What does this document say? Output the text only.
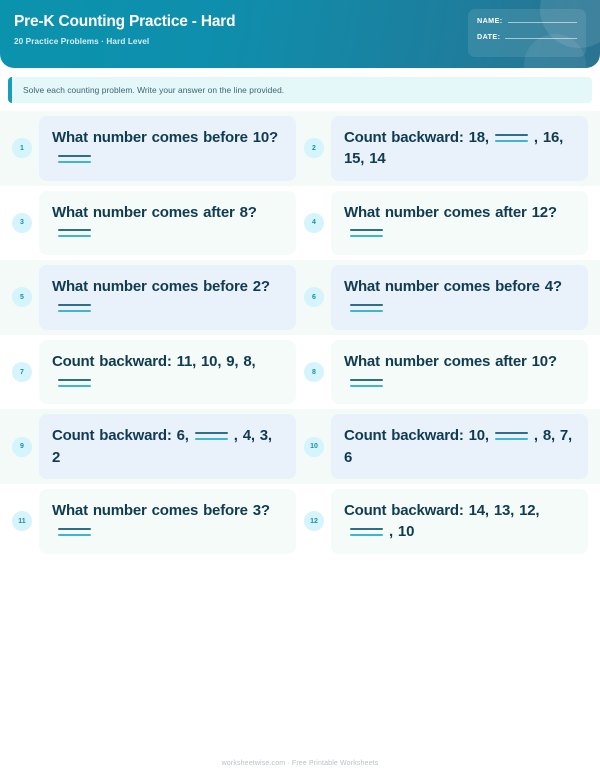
Pre-K Counting Practice - Hard
20 Practice Problems · Hard Level
NAME:
DATE:
Solve each counting problem. Write your answer on the line provided.
1
What number comes before 10?
2
Count backward: 18,	, 16, 15, 14
3
What number comes after 8?
4
What number comes after 12?
5
What number comes before 2?
6
What number comes before 4?
7
Count backward: 11, 10, 9, 8,
8
What number comes after 10?
9
Count backward: 6,	, 4, 3, 2
10
Count backward: 10,	, 8, 7, 6
11
What number comes before 3?
12
Count backward: 14, 13, 12,, 10
worksheetwise.com · Free Printable Worksheets
